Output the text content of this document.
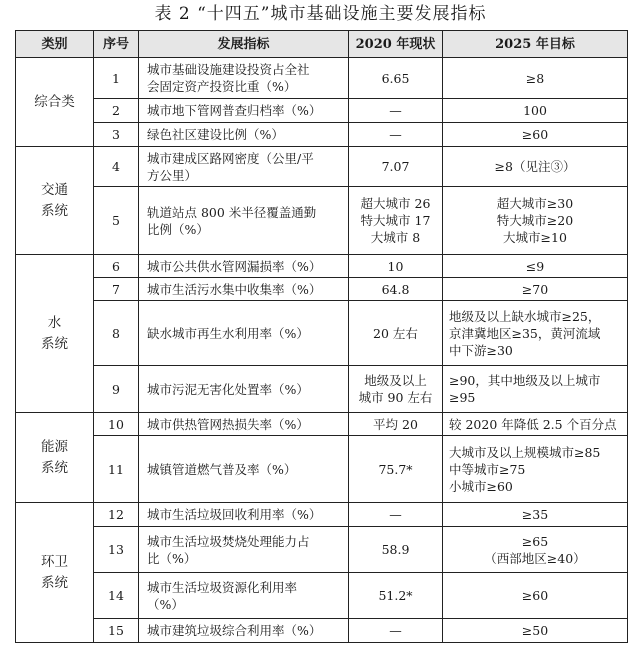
表 2 “十四五”城市基础设施主要发展指标
类别	序号	发展指标	2020 年现状	2025 年目标

综合类	1	城市基础设施建设投资占全社
会固定资产投资比重（%）	6.65	≥8

	2	城市地下管网普查归档率（%）	—	100

	3	绿色社区建设比例（%）	—	≥60

交通
系统	4	城市建成区路网密度（公里/平
方公里）	7.07	≥8（见注③）

	5	轨道站点 800 米半径覆盖通勤
比例（%）	超大城市 26
特大城市 17
大城市 8	超大城市≥30
特大城市≥20
大城市≥10

水
系统	6	城市公共供水管网漏损率（%）	10	≤9

	7	城市生活污水集中收集率（%）	64.8	≥70

	8	缺水城市再生水利用率（%）	20 左右	地级及以上缺水城市≥25，
京津冀地区≥35，黄河流域
中下游≥30

	9	城市污泥无害化处置率（%）	地级及以上
城市 90 左右	≥90，其中地级及以上城市
≥95

能源
系统	10	城市供热管网热损失率（%）	平均 20	较 2020 年降低 2.5 个百分点

	11	城镇管道燃气普及率（%）	75.7*	大城市及以上规模城市≥85
中等城市≥75
小城市≥60

环卫
系统	12	城市生活垃圾回收利用率（%）	—	≥35

	13	城市生活垃圾焚烧处理能力占
比（%）	58.9	≥65
（西部地区≥40）

	14	城市生活垃圾资源化利用率
（%）	51.2*	≥60

	15	城市建筑垃圾综合利用率（%）	—	≥50
